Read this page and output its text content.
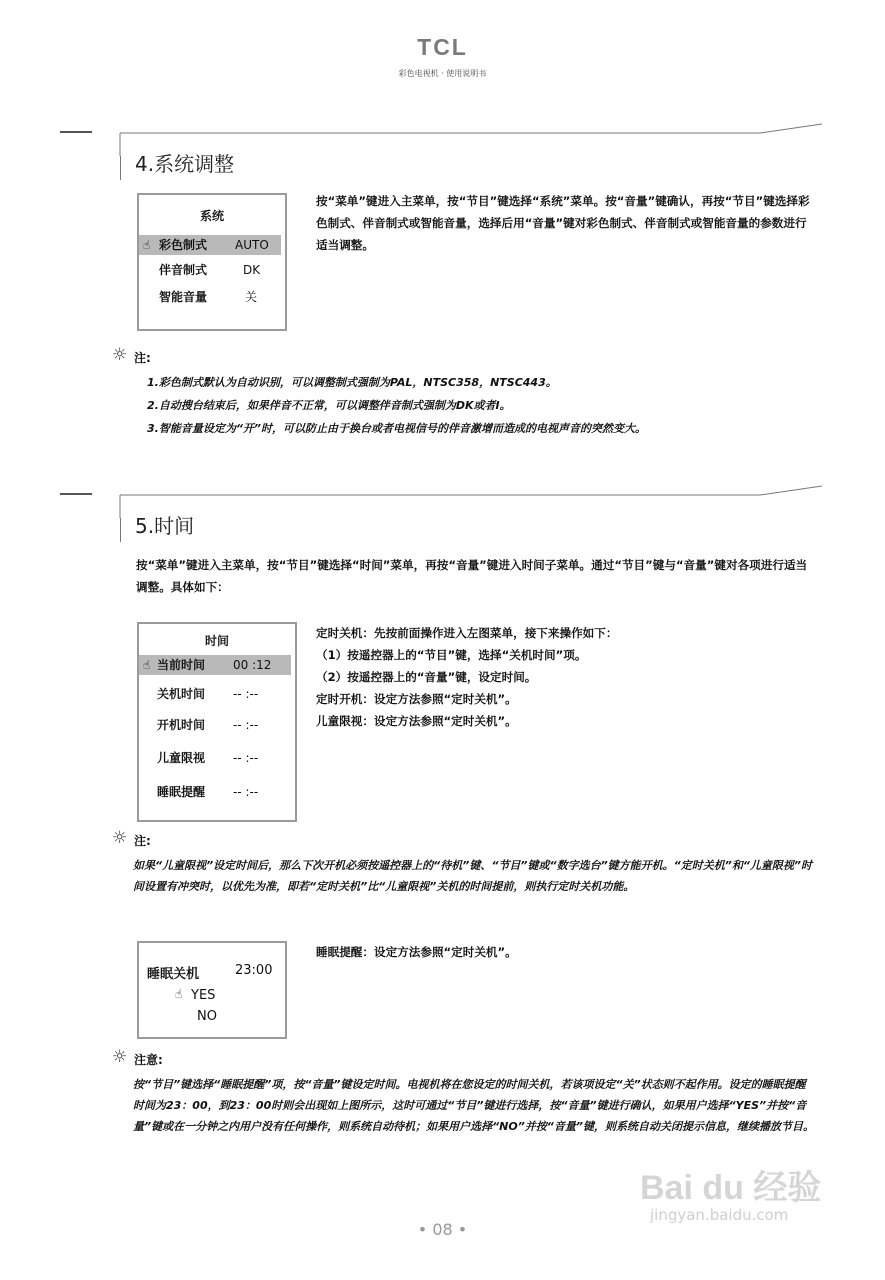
TCL
彩色电视机 · 使用说明书
4.系统调整
系统
☝ 彩色制式 AUTO
伴音制式	DK
智能音量	关
按“菜单”键进入主菜单，按“节目”键选择“系统”菜单。按“音量”键确认，再按“节目”键选择彩色制式、伴音制式或智能音量，选择后用“音量”键对彩色制式、伴音制式或智能音量的参数进行适当调整。
☼ 注:
1.彩色制式默认为自动识别，可以调整制式强制为PAL，NTSC358，NTSC443。
2.自动搜台结束后，如果伴音不正常，可以调整伴音制式强制为DK或者I。
3.智能音量设定为“开”时，可以防止由于换台或者电视信号的伴音激增而造成的电视声音的突然变大。
5.时间
按“菜单”键进入主菜单，按“节目”键选择“时间”菜单，再按“音量”键进入时间子菜单。通过“节目”键与“音量”键对各项进行适当调整。具体如下：
时间
☝ 当前时间 00 :12
关机时间 -- :--
开机时间 -- :--
儿童限视 -- :--
睡眠提醒 -- :--
定时关机：先按前面操作进入左图菜单，接下来操作如下：
（1）按遥控器上的“节目”键，选择“关机时间”项。
（2）按遥控器上的“音量”键，设定时间。
定时开机：设定方法参照“定时关机”。
儿童限视：设定方法参照“定时关机”。
☼ 注:
如果“儿童限视”设定时间后，那么下次开机必须按遥控器上的“待机”键、“节目”键或“数字选台”键方能开机。“定时关机”和“儿童限视”时间设置有冲突时，以优先为准，即若“定时关机”比“儿童限视”关机的时间提前，则执行定时关机功能。
睡眠关机	23:00
☝ YES
NO
睡眠提醒：设定方法参照“定时关机”。
☼ 注意:
按“节目”键选择“睡眠提醒”项，按“音量”键设定时间。电视机将在您设定的时间关机，若该项设定“关”状态则不起作用。设定的睡眠提醒时间为23：00，到23：00时则会出现如上图所示，这时可通过“节目”键进行选择，按“音量”键进行确认，如果用户选择“YES”并按“音量”键或在一分钟之内用户没有任何操作，则系统自动待机；如果用户选择“NO”并按“音量”键，则系统自动关闭提示信息，继续播放节目。
• 08 •
Bai du 经验
jingyan.baidu.com
